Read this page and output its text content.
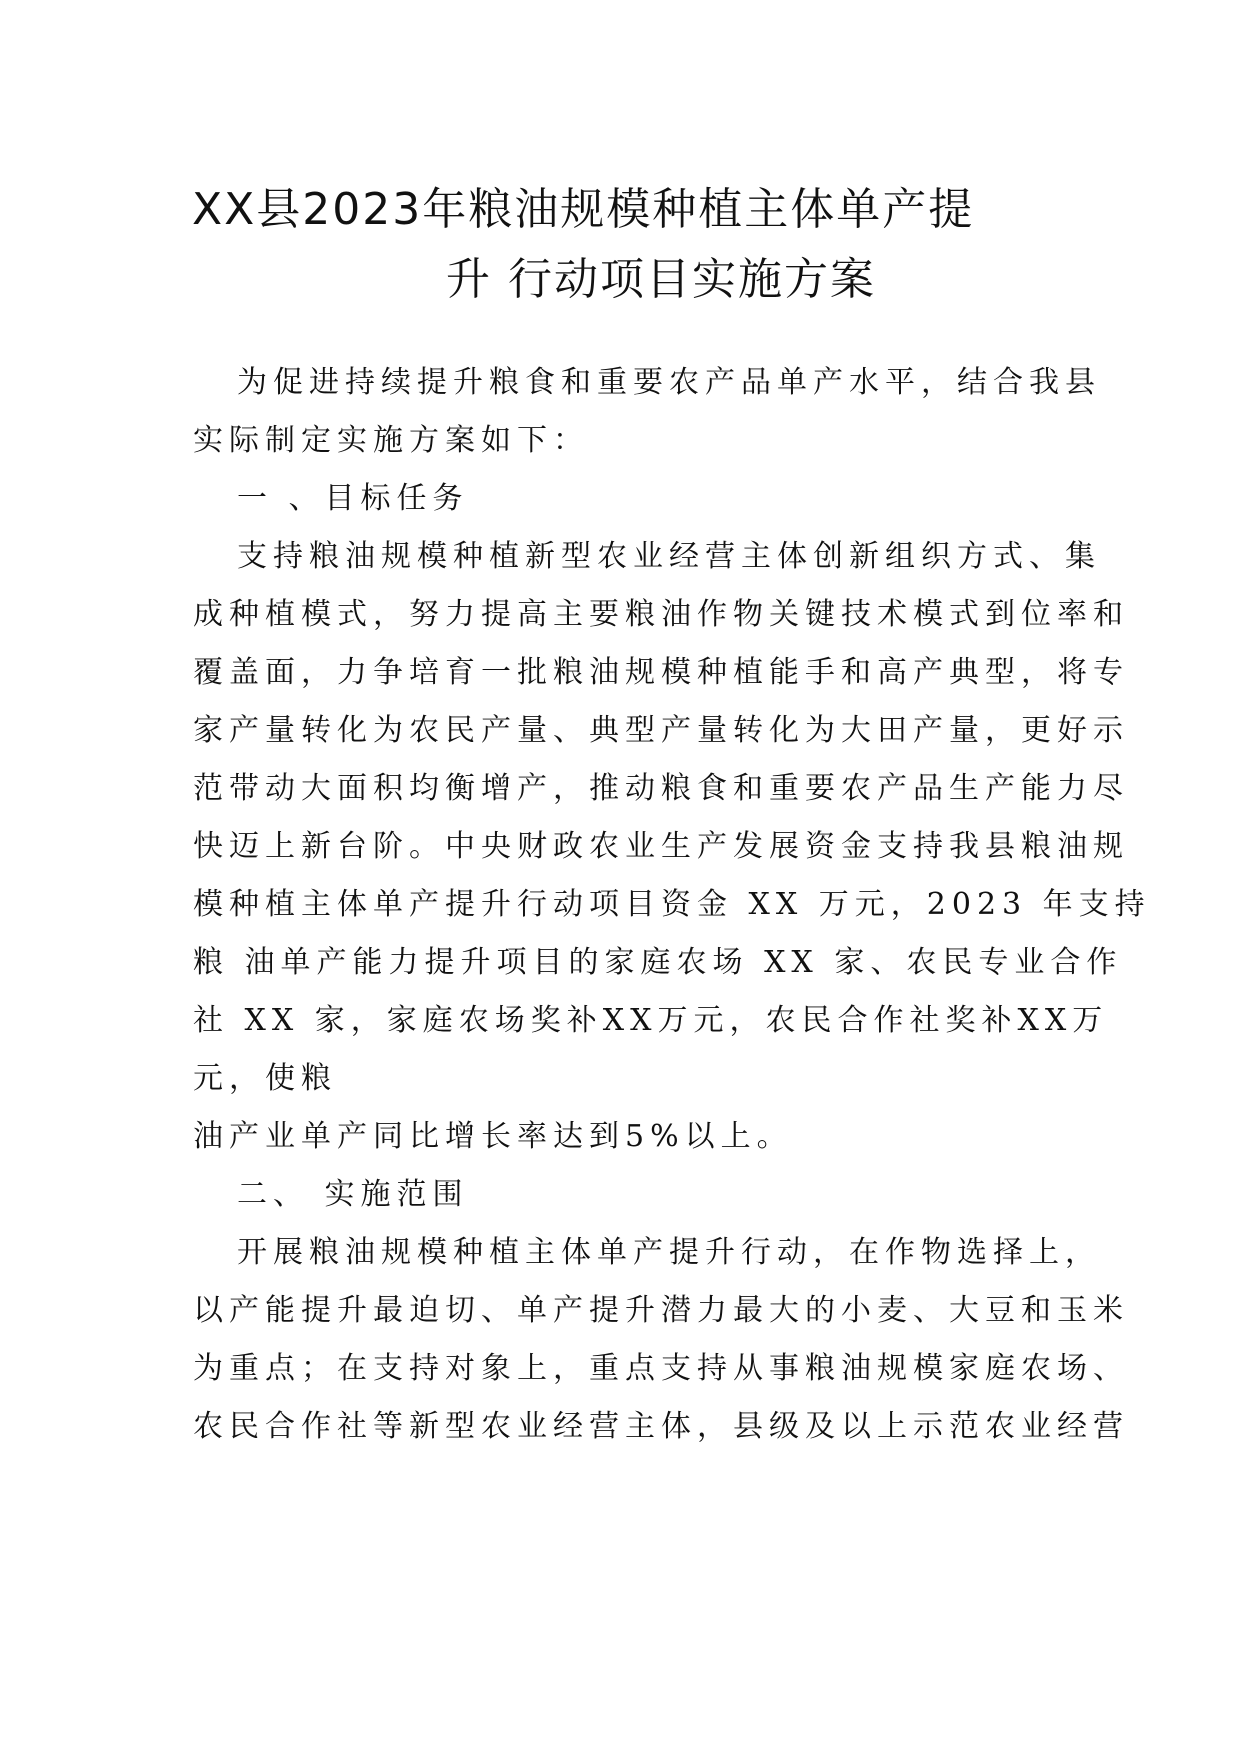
XX县2023年粮油规模种植主体单产提
升 行动项目实施方案
为促进持续提升粮食和重要农产品单产水平，结合我县
实际制定实施方案如下：
一 、目标任务
支持粮油规模种植新型农业经营主体创新组织方式、集
成种植模式，努力提高主要粮油作物关键技术模式到位率和
覆盖面，力争培育一批粮油规模种植能手和高产典型，将专
家产量转化为农民产量、典型产量转化为大田产量，更好示
范带动大面积均衡增产，推动粮食和重要农产品生产能力尽
快迈上新台阶。中央财政农业生产发展资金支持我县粮油规
模种植主体单产提升行动项目资金 XX 万元，2023 年支持
粮 油单产能力提升项目的家庭农场 XX 家、农民专业合作
社 XX 家，家庭农场奖补XX万元，农民合作社奖补XX万
元，使粮
油产业单产同比增长率达到5%以上。
二、 实施范围
开展粮油规模种植主体单产提升行动，在作物选择上，
以产能提升最迫切、单产提升潜力最大的小麦、大豆和玉米
为重点；在支持对象上，重点支持从事粮油规模家庭农场、
农民合作社等新型农业经营主体，县级及以上示范农业经营
